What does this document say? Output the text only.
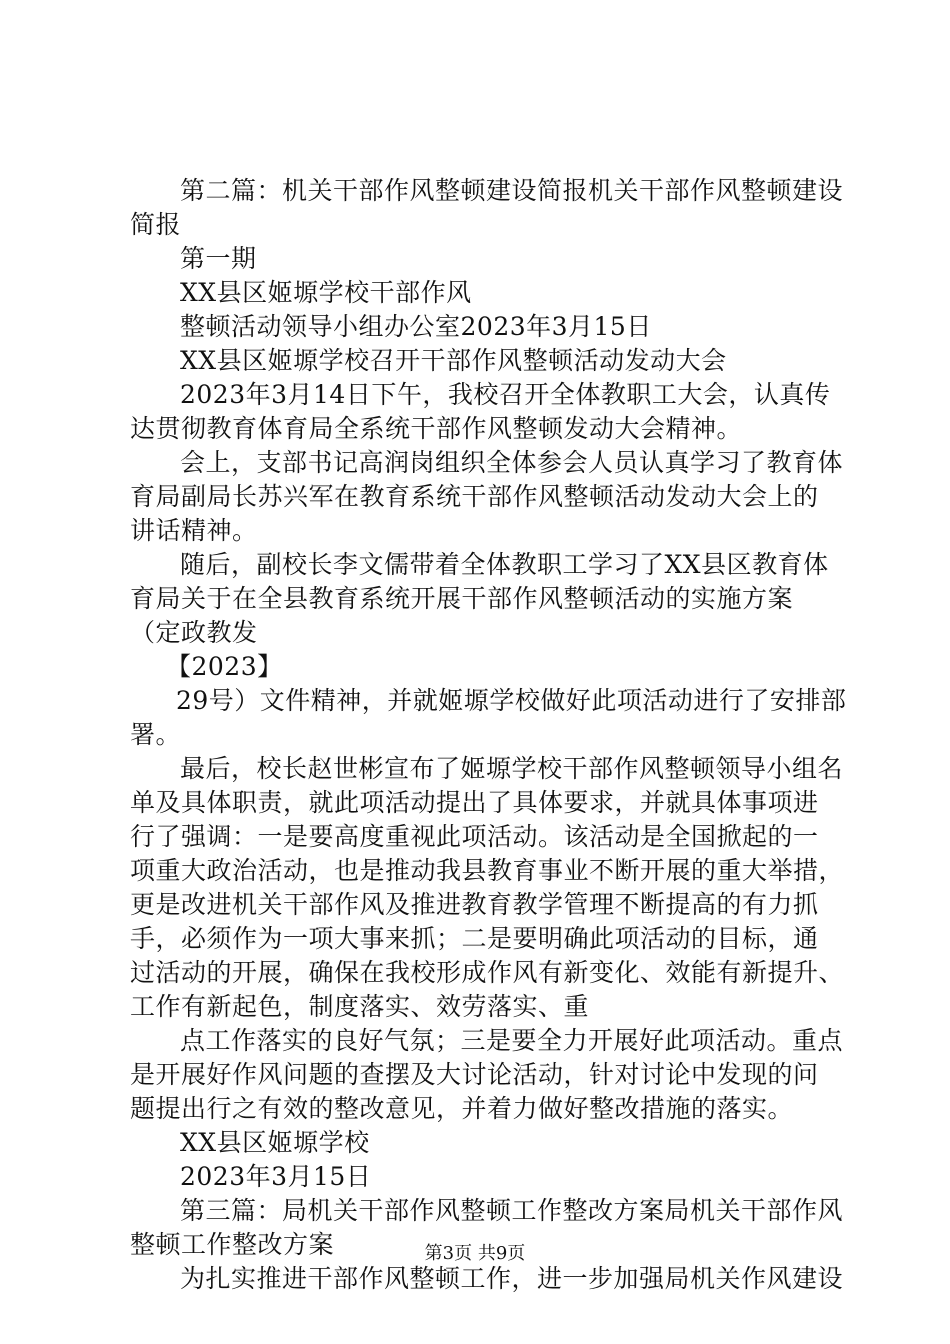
第二篇：机关干部作风整顿建设简报机关干部作风整顿建设
简报
第一期
XX县区姬塬学校干部作风
整顿活动领导小组办公室2023年3月15日
XX县区姬塬学校召开干部作风整顿活动发动大会
2023年3月14日下午，我校召开全体教职工大会，认真传
达贯彻教育体育局全系统干部作风整顿发动大会精神。
会上，支部书记高润岗组织全体参会人员认真学习了教育体
育局副局长苏兴军在教育系统干部作风整顿活动发动大会上的
讲话精神。
随后，副校长李文儒带着全体教职工学习了XX县区教育体
育局关于在全县教育系统开展干部作风整顿活动的实施方案
（定政教发
【2023】
29号）文件精神，并就姬塬学校做好此项活动进行了安排部
署。
最后，校长赵世彬宣布了姬塬学校干部作风整顿领导小组名
单及具体职责，就此项活动提出了具体要求，并就具体事项进
行了强调：一是要高度重视此项活动。该活动是全国掀起的一
项重大政治活动，也是推动我县教育事业不断开展的重大举措，
更是改进机关干部作风及推进教育教学管理不断提高的有力抓
手，必须作为一项大事来抓；二是要明确此项活动的目标，通
过活动的开展，确保在我校形成作风有新变化、效能有新提升、
工作有新起色，制度落实、效劳落实、重
点工作落实的良好气氛；三是要全力开展好此项活动。重点
是开展好作风问题的查摆及大讨论活动，针对讨论中发现的问
题提出行之有效的整改意见，并着力做好整改措施的落实。
XX县区姬塬学校
2023年3月15日
第三篇：局机关干部作风整顿工作整改方案局机关干部作风
整顿工作整改方案
为扎实推进干部作风整顿工作，进一步加强局机关作风建设
第3页 共9页
